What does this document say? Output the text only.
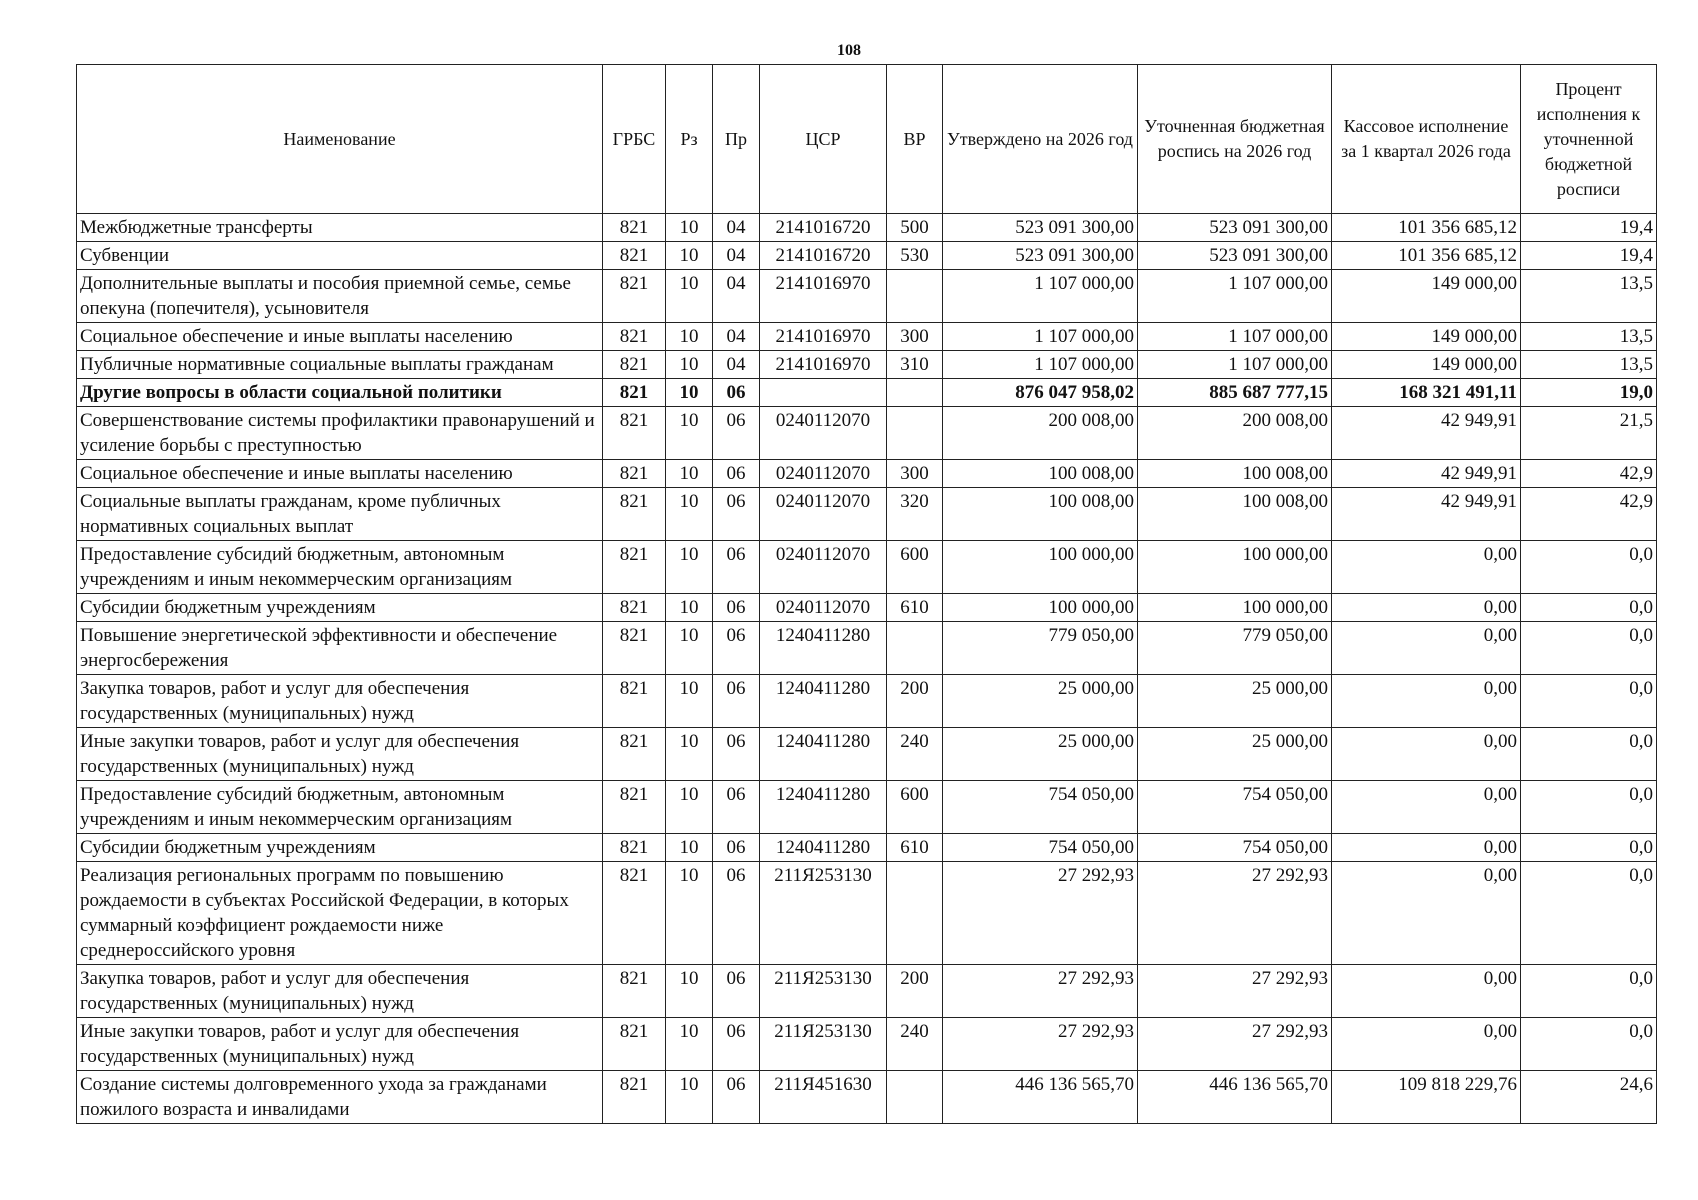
108
Наименование	ГРБС	Рз	Пр	ЦСР	ВР	Утверждено на 2026 год	Уточненная бюджетная роспись на 2026 год	Кассовое исполнение за 1 квартал 2026 года	Процент исполнения к уточненной бюджетной росписи
Межбюджетные трансферты	821	10	04	2141016720	500	523 091 300,00	523 091 300,00	101 356 685,12	19,4
Субвенции	821	10	04	2141016720	530	523 091 300,00	523 091 300,00	101 356 685,12	19,4
Дополнительные выплаты и пособия приемной семье, семье опекуна (попечителя), усыновителя	821	10	04	2141016970		1 107 000,00	1 107 000,00	149 000,00	13,5
Социальное обеспечение и иные выплаты населению	821	10	04	2141016970	300	1 107 000,00	1 107 000,00	149 000,00	13,5
Публичные нормативные социальные выплаты гражданам	821	10	04	2141016970	310	1 107 000,00	1 107 000,00	149 000,00	13,5
Другие вопросы в области социальной политики	821	10	06			876 047 958,02	885 687 777,15	168 321 491,11	19,0
Совершенствование системы профилактики правонарушений и усиление борьбы с преступностью	821	10	06	0240112070		200 008,00	200 008,00	42 949,91	21,5
Социальное обеспечение и иные выплаты населению	821	10	06	0240112070	300	100 008,00	100 008,00	42 949,91	42,9
Социальные выплаты гражданам, кроме публичных нормативных социальных выплат	821	10	06	0240112070	320	100 008,00	100 008,00	42 949,91	42,9
Предоставление субсидий бюджетным, автономным учреждениям и иным некоммерческим организациям	821	10	06	0240112070	600	100 000,00	100 000,00	0,00	0,0
Субсидии бюджетным учреждениям	821	10	06	0240112070	610	100 000,00	100 000,00	0,00	0,0
Повышение энергетической эффективности и обеспечение энергосбережения	821	10	06	1240411280		779 050,00	779 050,00	0,00	0,0
Закупка товаров, работ и услуг для обеспечения государственных (муниципальных) нужд	821	10	06	1240411280	200	25 000,00	25 000,00	0,00	0,0
Иные закупки товаров, работ и услуг для обеспечения государственных (муниципальных) нужд	821	10	06	1240411280	240	25 000,00	25 000,00	0,00	0,0
Предоставление субсидий бюджетным, автономным учреждениям и иным некоммерческим организациям	821	10	06	1240411280	600	754 050,00	754 050,00	0,00	0,0
Субсидии бюджетным учреждениям	821	10	06	1240411280	610	754 050,00	754 050,00	0,00	0,0
Реализация региональных программ по повышению рождаемости в субъектах Российской Федерации, в которых суммарный коэффициент рождаемости ниже среднероссийского уровня	821	10	06	211Я253130		27 292,93	27 292,93	0,00	0,0
Закупка товаров, работ и услуг для обеспечения государственных (муниципальных) нужд	821	10	06	211Я253130	200	27 292,93	27 292,93	0,00	0,0
Иные закупки товаров, работ и услуг для обеспечения государственных (муниципальных) нужд	821	10	06	211Я253130	240	27 292,93	27 292,93	0,00	0,0
Создание системы долговременного ухода за гражданами пожилого возраста и инвалидами	821	10	06	211Я451630		446 136 565,70	446 136 565,70	109 818 229,76	24,6
